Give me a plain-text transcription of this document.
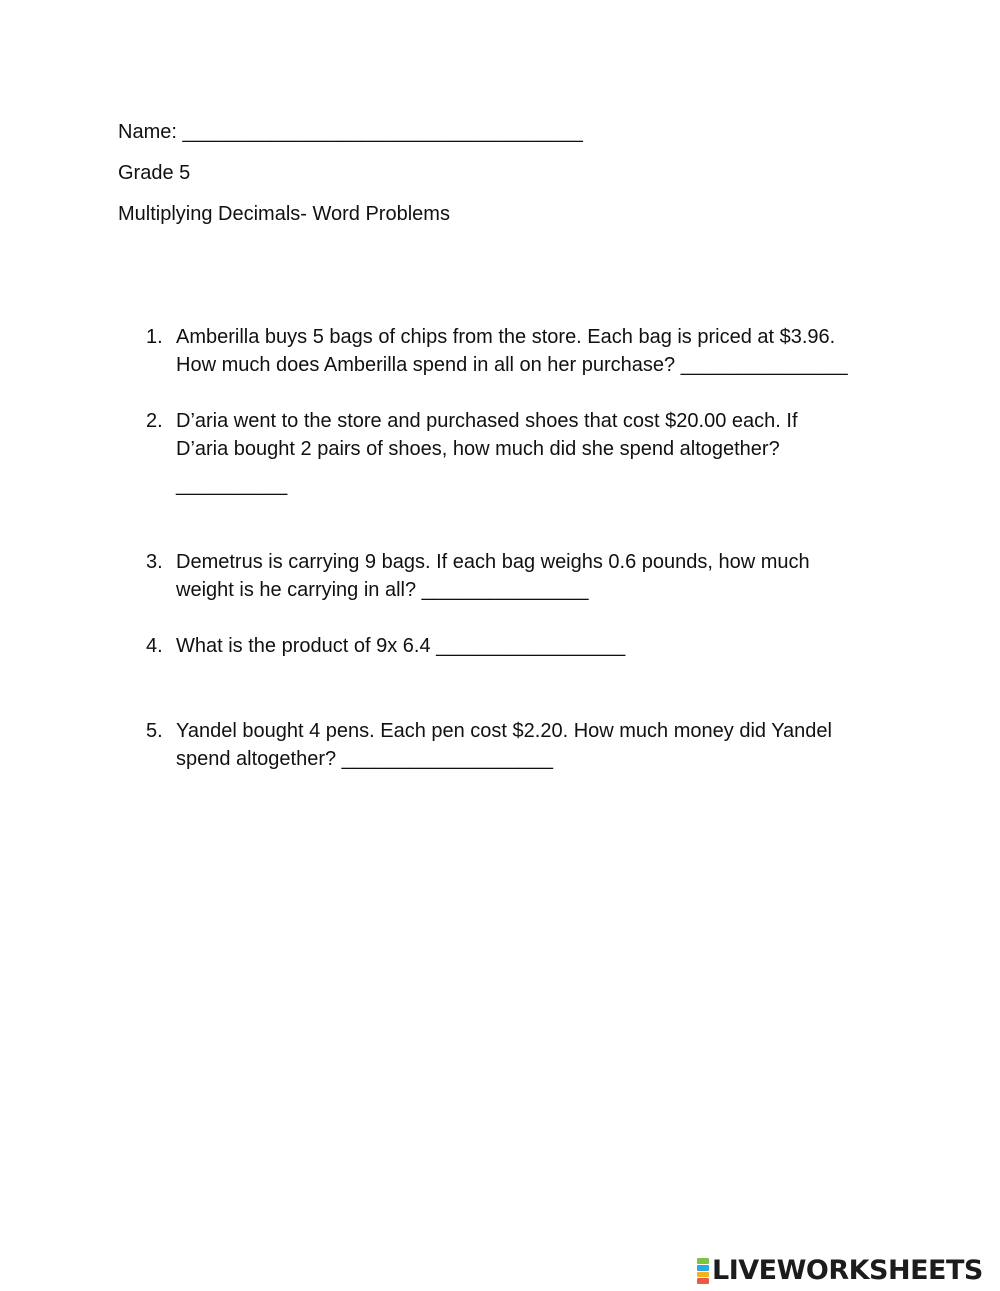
Name: ____________________________________
Grade 5
Multiplying Decimals- Word Problems
1. Amberilla buys 5 bags of chips from the store. Each bag is priced at $3.96.
How much does Amberilla spend in all on her purchase? _______________
2. D’aria went to the store and purchased shoes that cost $20.00 each. If
D’aria bought 2 pairs of shoes, how much did she spend altogether?
__________
3. Demetrus is carrying 9 bags. If each bag weighs 0.6 pounds, how much
weight is he carrying in all? _______________
4. What is the product of 9x 6.4 _________________
5. Yandel bought 4 pens. Each pen cost $2.20. How much money did Yandel
spend altogether? ___________________
LIVEWORKSHEETS
